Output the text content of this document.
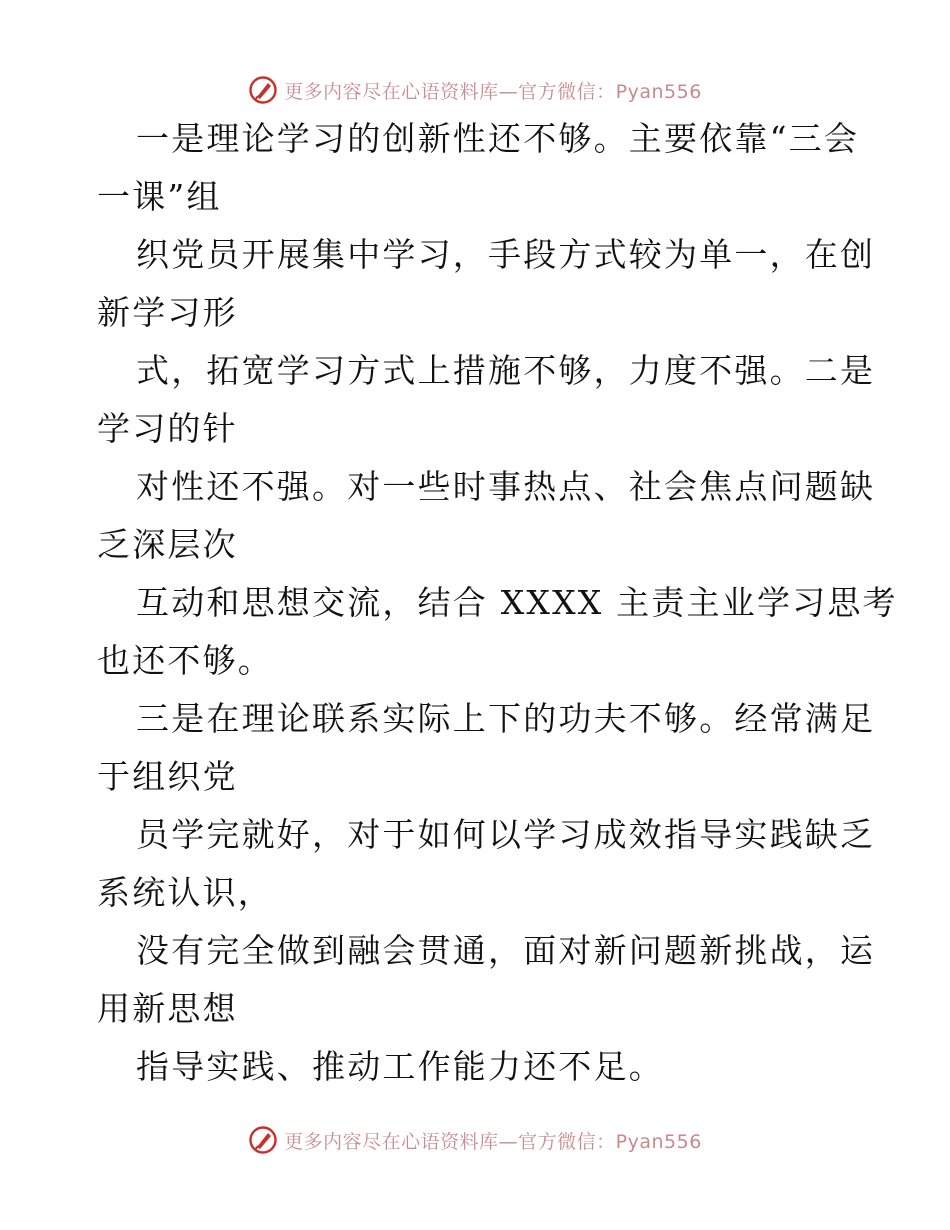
更多内容尽在心语资料库—官方微信：Pyan556
一是理论学习的创新性还不够。主要依靠“三会
一课”组
织党员开展集中学习，手段方式较为单一，在创
新学习形
式，拓宽学习方式上措施不够，力度不强。二是
学习的针
对性还不强。对一些时事热点、社会焦点问题缺
乏深层次
互动和思想交流，结合 XXXX 主责主业学习思考
也还不够。
三是在理论联系实际上下的功夫不够。经常满足
于组织党
员学完就好，对于如何以学习成效指导实践缺乏
系统认识，
没有完全做到融会贯通，面对新问题新挑战，运
用新思想
指导实践、推动工作能力还不足。
更多内容尽在心语资料库—官方微信：Pyan556
